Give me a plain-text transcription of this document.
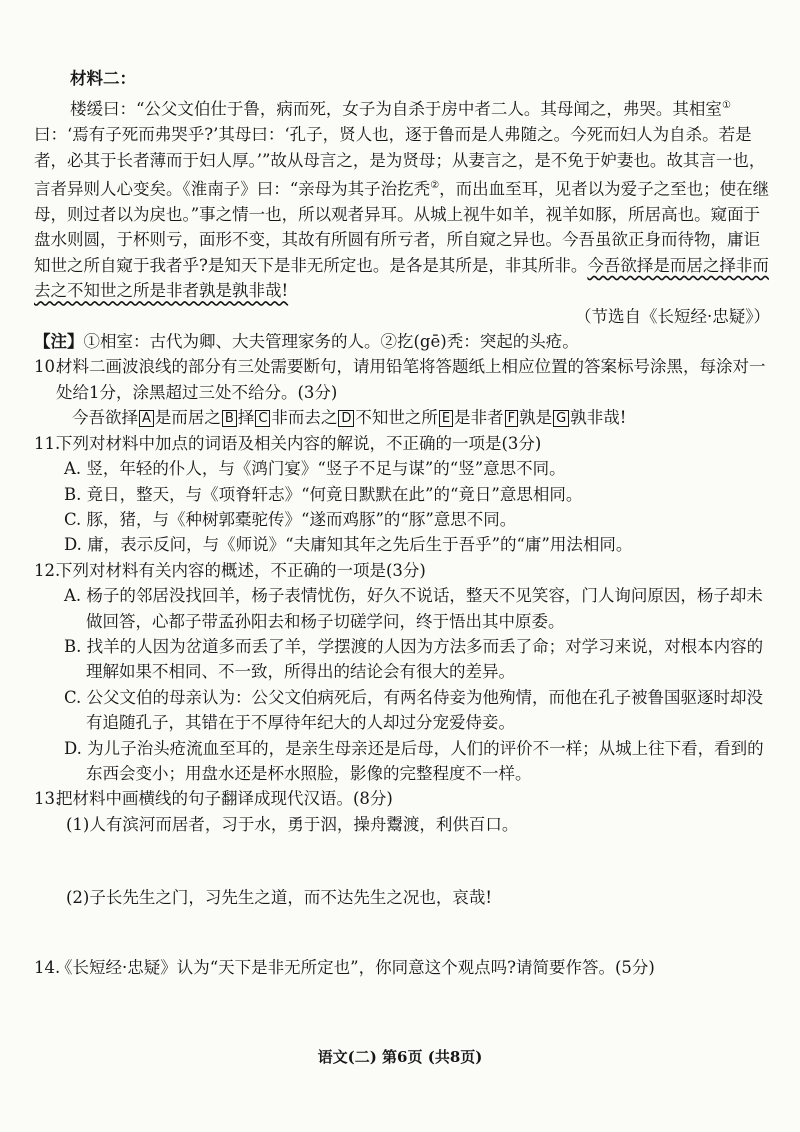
材料二：

楼缓曰：“公父文伯仕于鲁，病而死，女子为自杀于房中者二人。其母闻之，弗哭。其相室①曰：‘焉有子死而弗哭乎?’其母曰：‘孔子，贤人也，逐于鲁而是人弗随之。今死而妇人为自杀。若是者，必其于长者薄而于妇人厚。’”故从母言之，是为贤母；从妻言之，是不免于妒妻也。故其言一也，言者异则人心变矣。《淮南子》曰：“亲母为其子治扢秃②，而出血至耳，见者以为爱子之至也；使在继母，则过者以为戾也。”事之情一也，所以观者异耳。从城上视牛如羊，视羊如豚，所居高也。窥面于盘水则圆，于杯则亏，面形不变，其故有所圆有所亏者，所自窥之异也。今吾虽欲正身而待物，庸讵知世之所自窥于我者乎?是知天下是非无所定也。是各是其所是，非其所非。今吾欲择是而居之择非而去之不知世之所是非者孰是孰非哉!

（节选自《长短经·忠疑》）

【注】①相室：古代为卿、大夫管理家务的人。②扢(gē)秃：突起的头疮。

10.
材料二画波浪线的部分有三处需要断句，请用铅笔将答题纸上相应位置的答案标号涂黑，每涂对一处给1分，涂黑超过三处不给分。(3分)

今吾欲择 A 是而居之 B 择 C 非而去之 D 不知世之所 E 是非者 F 孰是 G 孰非哉!

11.
下列对材料中加点的词语及相关内容的解说，不正确的一项是(3分)

A. 竖，年轻的仆人，与《鸿门宴》“竖子不足与谋”的“竖”意思不同。

B. 竟日，整天，与《项脊轩志》“何竟日默默在此”的“竟日”意思相同。

C. 豚，猪，与《种树郭橐驼传》“遂而鸡豚”的“豚”意思不同。

D. 庸，表示反问，与《师说》“夫庸知其年之先后生于吾乎”的“庸”用法相同。

12.
下列对材料有关内容的概述，不正确的一项是(3分)

A. 杨子的邻居没找回羊，杨子表情忧伤，好久不说话，整天不见笑容，门人询问原因，杨子却未做回答，心都子带孟孙阳去和杨子切磋学问，终于悟出其中原委。

B. 找羊的人因为岔道多而丢了羊，学摆渡的人因为方法多而丢了命；对学习来说，对根本内容的理解如果不相同、不一致，所得出的结论会有很大的差异。

C. 公父文伯的母亲认为：公父文伯病死后，有两名侍妾为他殉情，而他在孔子被鲁国驱逐时却没有追随孔子，其错在于不厚待年纪大的人却过分宠爱侍妾。

D. 为儿子治头疮流血至耳的，是亲生母亲还是后母，人们的评价不一样；从城上往下看，看到的东西会变小；用盘水还是杯水照脸，影像的完整程度不一样。

13.
把材料中画横线的句子翻译成现代汉语。(8分)

(1)人有滨河而居者，习于水，勇于泅，操舟鬻渡，利供百口。

(2)子长先生之门，习先生之道，而不达先生之况也，哀哉!

14.
《长短经·忠疑》认为“天下是非无所定也”，你同意这个观点吗?请简要作答。(5分)
语文(二) 第6页 (共8页)
